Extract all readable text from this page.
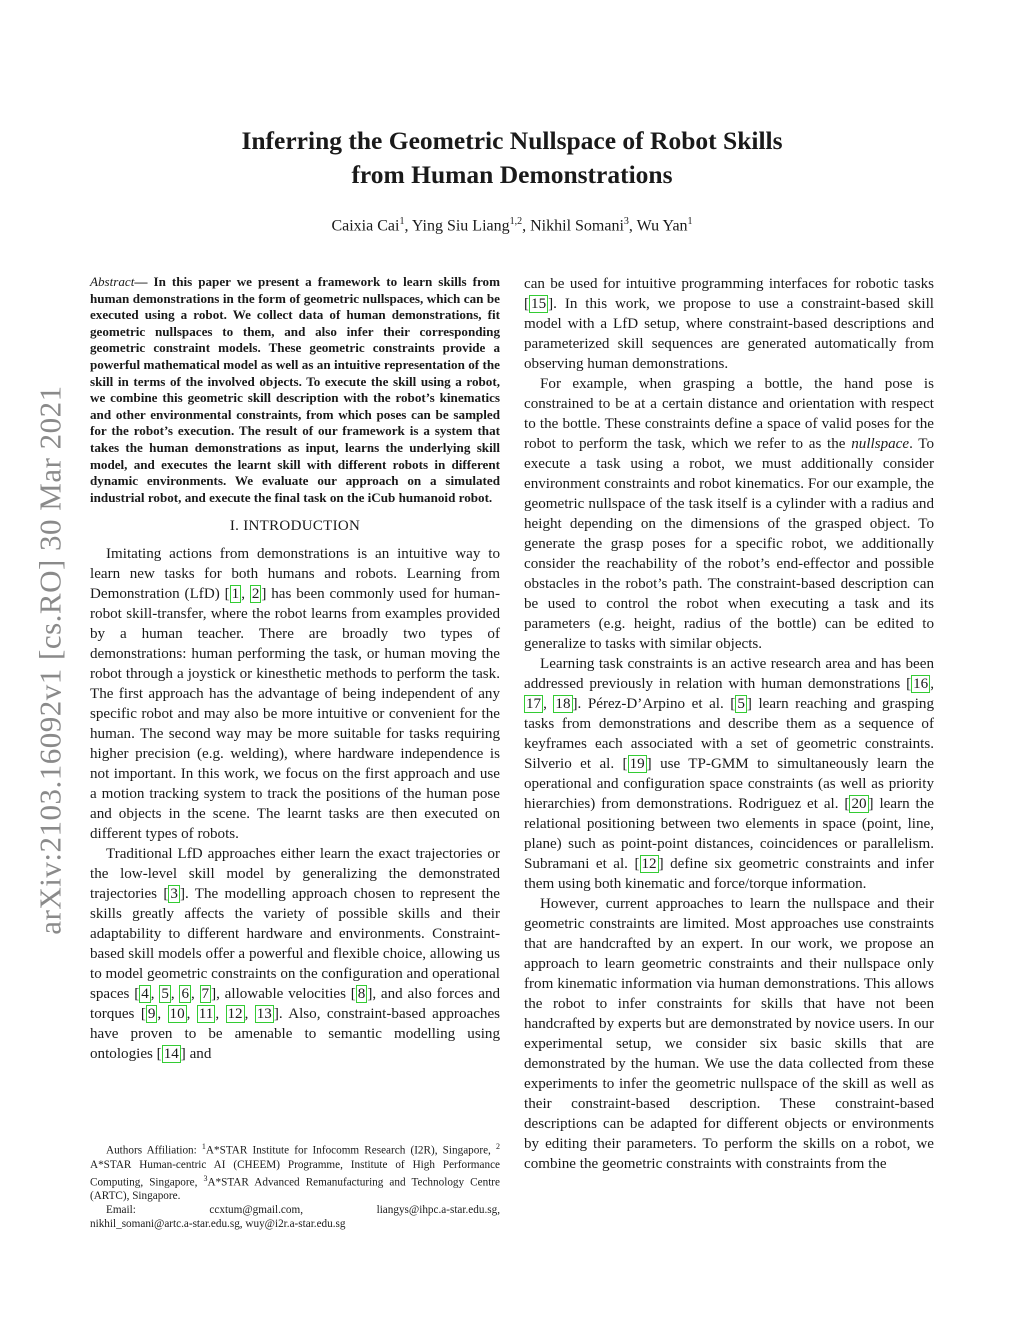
arXiv:2103.16092v1 [cs.RO] 30 Mar 2021
Inferring the Geometric Nullspace of Robot Skills
from Human Demonstrations
Caixia Cai$^1$, Ying Siu Liang$^{1,2}$, Nikhil Somani$^3$, Wu Yan$^1$

Abstract— In this paper we present a framework to learn skills from human demonstrations in the form of geometric nullspaces, which can be executed using a robot. We collect data of human demonstrations, fit geometric nullspaces to them, and also infer their corresponding geometric constraint models. These geometric constraints provide a powerful mathematical model as well as an intuitive representation of the skill in terms of the involved objects. To execute the skill using a robot, we combine this geometric skill description with the robot’s kinematics and other environmental constraints, from which poses can be sampled for the robot’s execution. The result of our framework is a system that takes the human demonstrations as input, learns the underlying skill model, and executes the learnt skill with different robots in different dynamic environments. We evaluate our approach on a simulated industrial robot, and execute the final task on the iCub humanoid robot.

I. INTRODUCTION

Imitating actions from demonstrations is an intuitive way to learn new tasks for both humans and robots. Learning from Demonstration (LfD) [ 1 , 2 ] has been commonly used for human-robot skill-transfer, where the robot learns from examples provided by a human teacher. There are broadly two types of demonstrations: human performing the task, or human moving the robot through a joystick or kinesthetic methods to perform the task. The first approach has the advantage of being independent of any specific robot and may also be more intuitive or convenient for the human. The second way may be more suitable for tasks requiring higher precision (e.g. welding), where hardware independence is not important. In this work, we focus on the first approach and use a motion tracking system to track the positions of the human pose and objects in the scene. The learnt tasks are then executed on different types of robots.

Traditional LfD approaches either learn the exact trajectories or the low-level skill model by generalizing the demonstrated trajectories [ 3 ]. The modelling approach chosen to represent the skills greatly affects the variety of possible skills and their adaptability to different hardware and environments. Constraint-based skill models offer a powerful and flexible choice, allowing us to model geometric constraints on the configuration and operational spaces [ 4 , 5 , 6 , 7 ], allowable velocities [ 8 ], and also forces and torques [ 9 , 10 , 11 , 12 , 13 ]. Also, constraint-based approaches have proven to be amenable to semantic modelling using ontologies [ 14 ] and

can be used for intuitive programming interfaces for robotic tasks [ 15 ]. In this work, we propose to use a constraint-based skill model with a LfD setup, where constraint-based descriptions and parameterized skill sequences are generated automatically from observing human demonstrations.

For example, when grasping a bottle, the hand pose is constrained to be at a certain distance and orientation with respect to the bottle. These constraints define a space of valid poses for the robot to perform the task, which we refer to as the nullspace. To execute a task using a robot, we must additionally consider environment constraints and robot kinematics. For our example, the geometric nullspace of the task itself is a cylinder with a radius and height depending on the dimensions of the grasped object. To generate the grasp poses for a specific robot, we additionally consider the reachability of the robot’s end-effector and possible obstacles in the robot’s path. The constraint-based description can be used to control the robot when executing a task and its parameters (e.g. height, radius of the bottle) can be edited to generalize to tasks with similar objects.

Learning task constraints is an active research area and has been addressed previously in relation with human demonstrations [ 16 , 17 , 18 ]. Pérez-D’Arpino et al. [ 5 ] learn reaching and grasping tasks from demonstrations and describe them as a sequence of keyframes each associated with a set of geometric constraints. Silverio et al. [ 19 ] use TP-GMM to simultaneously learn the operational and configuration space constraints (as well as priority hierarchies) from demonstrations. Rodriguez et al. [ 20 ] learn the relational positioning between two elements in space (point, line, plane) such as point-point distances, coincidences or parallelism. Subramani et al. [ 12 ] define six geometric constraints and infer them using both kinematic and force/torque information.

However, current approaches to learn the nullspace and their geometric constraints are limited. Most approaches use constraints that are handcrafted by an expert. In our work, we propose an approach to learn geometric constraints and their nullspace only from kinematic information via human demonstrations. This allows the robot to infer constraints for skills that have not been handcrafted by experts but are demonstrated by novice users. In our experimental setup, we consider six basic skills that are demonstrated by the human. We use the data collected from these experiments to infer the geometric nullspace of the skill as well as their constraint-based description. These constraint-based descriptions can be adapted for different objects or environments by editing their parameters. To perform the skills on a robot, we combine the geometric constraints with constraints from the

Authors Affiliation: $^1$A*STAR Institute for Infocomm Research (I2R), Singapore, $^2$ A*STAR Human-centric AI (CHEEM) Programme, Institute of High Performance Computing, Singapore, $^3$A*STAR Advanced Remanufacturing and Technology Centre (ARTC), Singapore.

Email:	ccxtum@gmail.com,	liangys@ihpc.a-star.edu.sg,

nikhil_somani@artc.a-star.edu.sg, wuy@i2r.a-star.edu.sg
